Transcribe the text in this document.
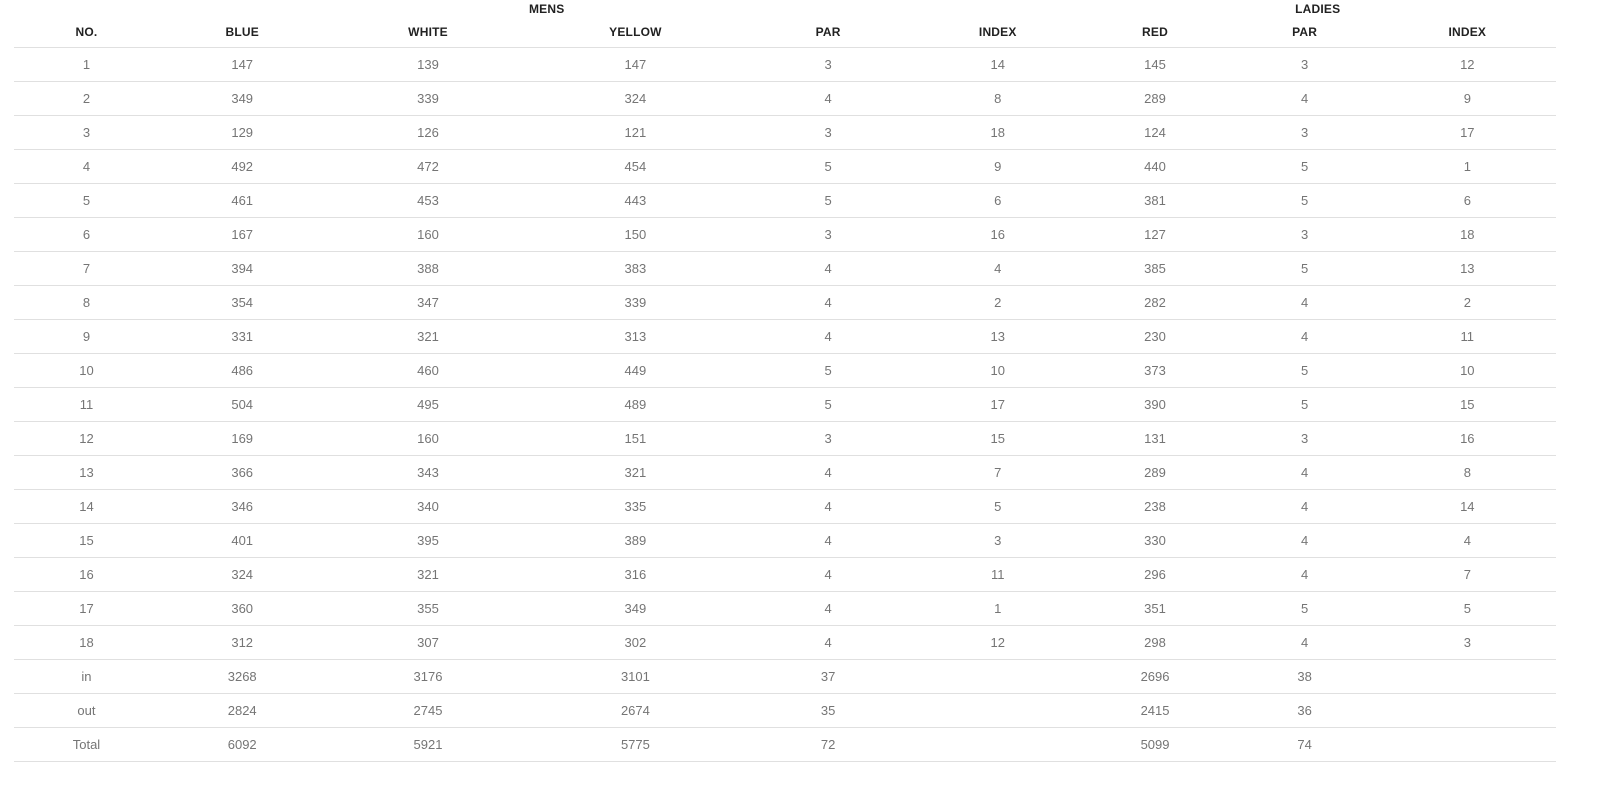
MENS						LADIES		
NO.	BLUE	WHITE	YELLOW	PAR	INDEX	RED	PAR	INDEX
1	147	139	147	3	14	145	3	12
2	349	339	324	4	8	289	4	9
3	129	126	121	3	18	124	3	17
4	492	472	454	5	9	440	5	1
5	461	453	443	5	6	381	5	6
6	167	160	150	3	16	127	3	18
7	394	388	383	4	4	385	5	13
8	354	347	339	4	2	282	4	2
9	331	321	313	4	13	230	4	11
10	486	460	449	5	10	373	5	10
11	504	495	489	5	17	390	5	15
12	169	160	151	3	15	131	3	16
13	366	343	321	4	7	289	4	8
14	346	340	335	4	5	238	4	14
15	401	395	389	4	3	330	4	4
16	324	321	316	4	11	296	4	7
17	360	355	349	4	1	351	5	5
18	312	307	302	4	12	298	4	3
in	3268	3176	3101	37		2696	38	
out	2824	2745	2674	35		2415	36	
Total	6092	5921	5775	72		5099	74	
